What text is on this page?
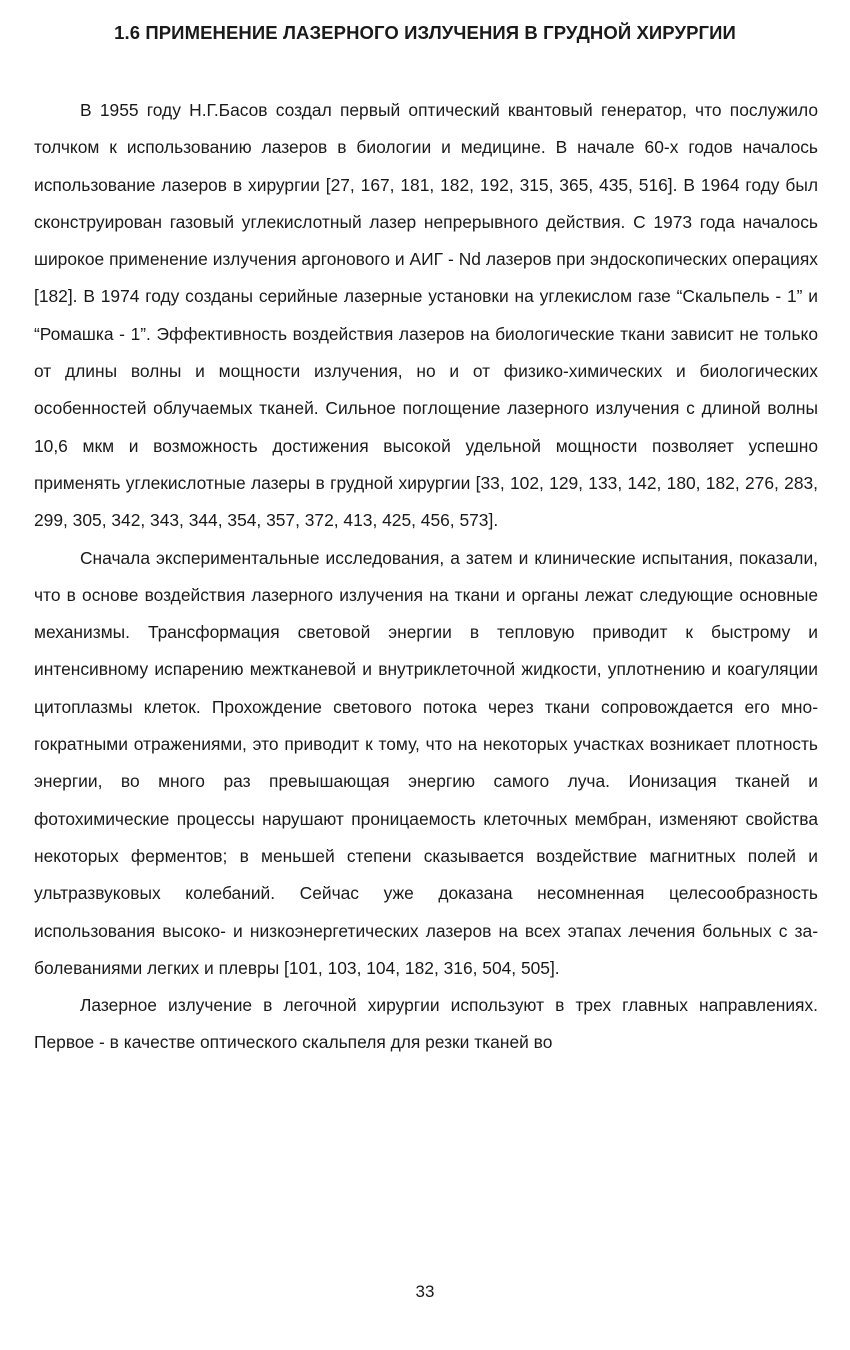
1.6 ПРИМЕНЕНИЕ ЛАЗЕРНОГО ИЗЛУЧЕНИЯ В ГРУДНОЙ ХИРУРГИИ

В 1955 году Н.Г.Басов создал первый оптический квантовый генератор, что послужило толчком к использованию лазеров в биологии и медицине. В начале 60-х годов началось использование лазеров в хирургии [27, 167, 181, 182, 192, 315, 365, 435, 516]. В 1964 году был сконструирован газовый углекислотный лазер непрерывного действия. С 1973 года началось широкое применение излучения аргонового и АИГ - Nd лазеров при эндоскопических операциях [182]. В 1974 году созданы серийные лазерные установки на углекислом газе “Скальпель - 1” и “Ромашка - 1”. Эффективность воздействия лазеров на биологические ткани зависит не только от длины волны и мощности излучения, но и от физико-химических и биологических особенностей облучаемых тканей. Сильное поглощение лазерного излучения с длиной волны 10,6 мкм и возможность достижения высокой удельной мощности позволяет успешно применять углекислотные лазеры в грудной хирургии [33, 102, 129, 133, 142, 180, 182, 276, 283, 299, 305, 342, 343, 344, 354, 357, 372, 413, 425, 456, 573].

Сначала экспериментальные исследования, а затем и клинические испытания, показали, что в основе воздействия лазерного излучения на ткани и органы лежат следующие основные механизмы. Трансформация световой энергии в тепловую приводит к быстрому и интенсивному испарению межтканевой и внутриклеточной жидкости, уплотнению и коагуляции цитоплазмы клеток. Прохождение светового потока через ткани сопровождается его многократными отражениями, это приводит к тому, что на некоторых участках возникает плотность энергии, во много раз превышающая энергию самого луча. Ионизация тканей и фотохимические процессы нарушают проницаемость клеточных мембран, изменяют свойства некоторых ферментов; в меньшей степени сказывается воздействие магнитных полей и ультразвуковых колебаний. Сейчас уже доказана несомненная целесообразность использования высоко- и низкоэнергетических лазеров на всех этапах лечения больных с заболеваниями легких и плевры [101, 103, 104, 182, 316, 504, 505].

Лазерное излучение в легочной хирургии используют в трех главных направлениях. Первое - в качестве оптического скальпеля для резки тканей во

33
